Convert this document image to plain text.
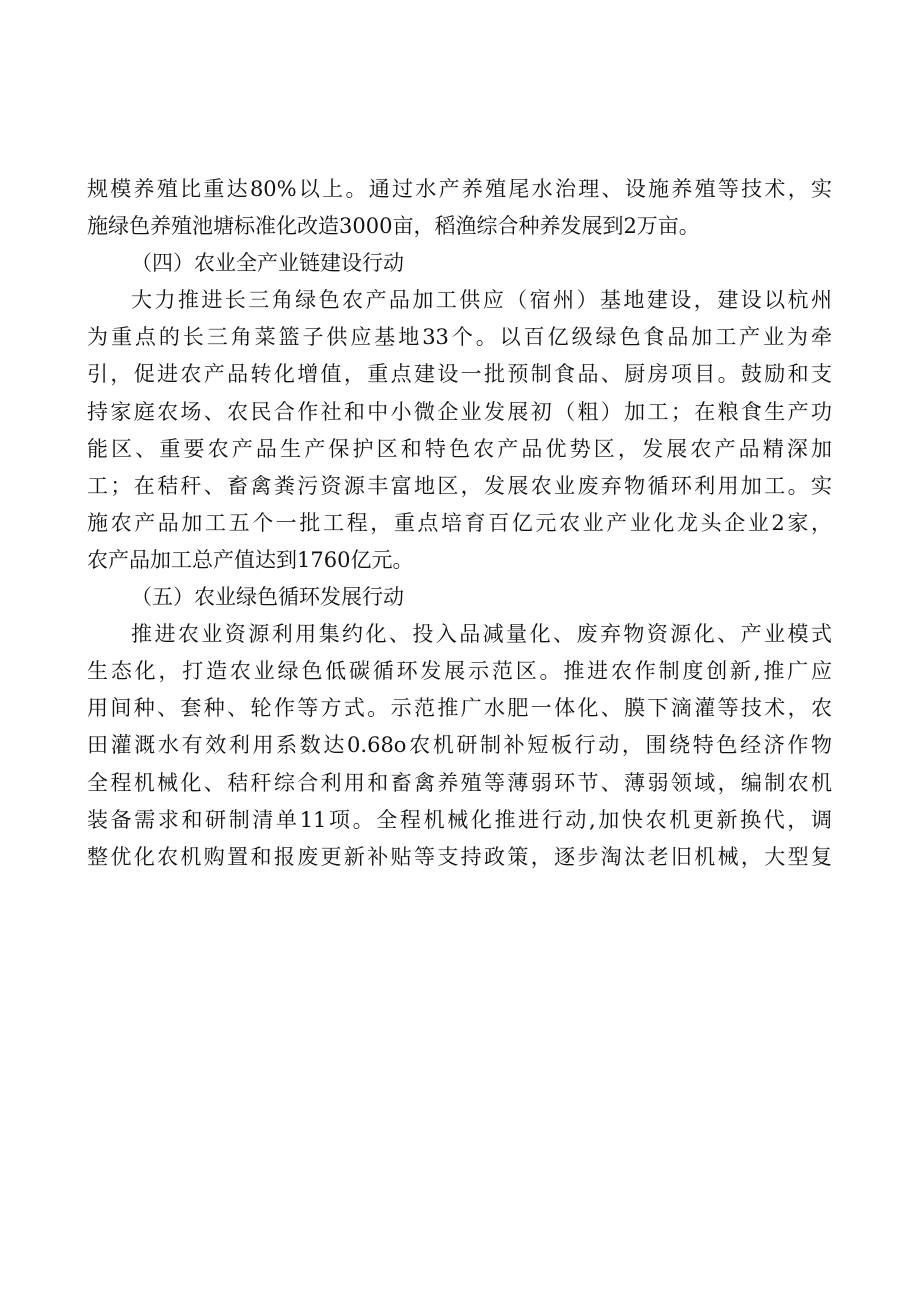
规模养殖比重达80%以上。通过水产养殖尾水治理、设施养殖等技术，实
施绿色养殖池塘标准化改造3000亩，稻渔综合种养发展到2万亩。
（四）农业全产业链建设行动
大力推进长三角绿色农产品加工供应（宿州）基地建设，建设以杭州
为重点的长三角菜篮子供应基地33个。以百亿级绿色食品加工产业为牵
引，促进农产品转化增值，重点建设一批预制食品、厨房项目。鼓励和支
持家庭农场、农民合作社和中小微企业发展初（粗）加工；在粮食生产功
能区、重要农产品生产保护区和特色农产品优势区，发展农产品精深加
工；在秸秆、畜禽粪污资源丰富地区，发展农业废弃物循环利用加工。实
施农产品加工五个一批工程，重点培育百亿元农业产业化龙头企业2家，
农产品加工总产值达到1760亿元。
（五）农业绿色循环发展行动
推进农业资源利用集约化、投入品减量化、废弃物资源化、产业模式
生态化，打造农业绿色低碳循环发展示范区。推进农作制度创新,推广应
用间种、套种、轮作等方式。示范推广水肥一体化、膜下滴灌等技术，农
田灌溉水有效利用系数达0.68o农机研制补短板行动，围绕特色经济作物
全程机械化、秸秆综合利用和畜禽养殖等薄弱环节、薄弱领域，编制农机
装备需求和研制清单11项。全程机械化推进行动,加快农机更新换代，调
整优化农机购置和报废更新补贴等支持政策，逐步淘汰老旧机械，大型复
